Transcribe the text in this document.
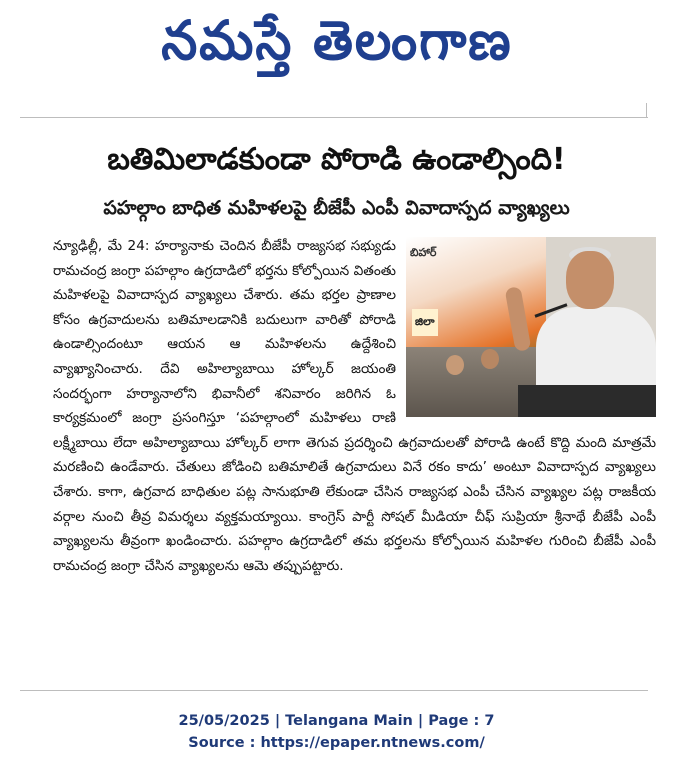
నమస్తే తెలంగాణ
బతిమిలాడకుండా పోరాడి ఉండాల్సింది!
పహల్గాం బాధిత మహిళలపై బీజేపీ ఎంపీ వివాదాస్పద వ్యాఖ్యలు
బిహార్
జిలా
న్యూఢిల్లీ, మే 24: హర్యానాకు చెందిన బీజేపీ రాజ్యసభ సభ్యుడు రామచంద్ర జంగ్రా పహల్గాం ఉగ్రదాడిలో భర్తను కోల్పోయిన వితంతు మహిళలపై వివాదాస్పద వ్యాఖ్యలు చేశారు. తమ భర్తల ప్రాణాల కోసం ఉగ్రవాదులను బతిమాలడానికి బదులుగా వారితో పోరాడి ఉండాల్సిందంటూ ఆయన ఆ మహిళలను ఉద్దేశించి వ్యాఖ్యానించారు. దేవి అహిల్యాబాయి హోల్కర్ జయంతి సందర్భంగా హర్యానాలోని భివానీలో శనివారం జరిగిన ఓ కార్యక్రమంలో జంగ్రా ప్రసంగిస్తూ ‘పహల్గాంలో మహిళలు రాణి లక్ష్మీబాయి లేదా అహిల్యాబాయి హోల్కర్ లాగా తెగువ ప్రదర్శించి ఉగ్రవాదులతో పోరాడి ఉంటే కొద్ది మంది మాత్రమే మరణించి ఉండేవారు. చేతులు జోడించి బతిమాలితే ఉగ్రవాదులు వినే రకం కాదు’ అంటూ వివాదాస్పద వ్యాఖ్యలు చేశారు. కాగా, ఉగ్రవాద బాధితుల పట్ల సానుభూతి లేకుండా చేసిన రాజ్యసభ ఎంపీ చేసిన వ్యాఖ్యల పట్ల రాజకీయ వర్గాల నుంచి తీవ్ర విమర్శలు వ్యక్తమయ్యాయి. కాంగ్రెస్ పార్టీ సోషల్ మీడియా చీఫ్ సుప్రియా శ్రీనాథే బీజేపీ ఎంపీ వ్యాఖ్యలను తీవ్రంగా ఖండించారు. పహల్గాం ఉగ్రదాడిలో తమ భర్తలను కోల్పోయిన మహిళల గురించి బీజేపీ ఎంపీ రామచంద్ర జంగ్రా చేసిన వ్యాఖ్యలను ఆమె తప్పుపట్టారు.
25/05/2025 | Telangana Main | Page : 7
Source : https://epaper.ntnews.com/
